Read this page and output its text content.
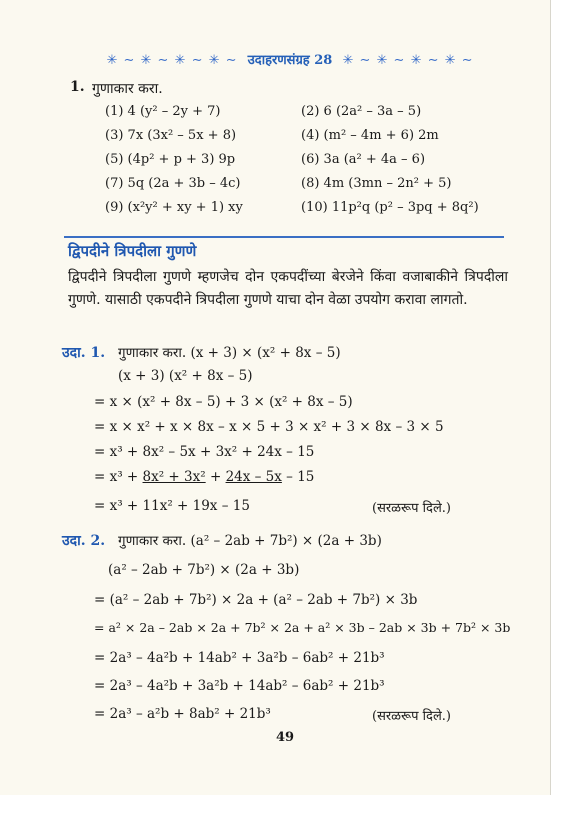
✳ ∼ ✳ ∼ ✳ ∼ ✳ ∼ उदाहरणसंग्रह 28 ✳ ∼ ✳ ∼ ✳ ∼ ✳ ∼
1. गुणाकार करा.
(1) 4 (y² – 2y + 7)	(2) 6 (2a² – 3a – 5)
(3) 7x (3x² – 5x + 8)	(4) (m² – 4m + 6) 2m
(5) (4p² + p + 3) 9p	(6) 3a (a² + 4a – 6)
(7) 5q (2a + 3b – 4c)	(8) 4m (3mn – 2n² + 5)
(9) (x²y² + xy + 1) xy	(10) 11p²q (p² – 3pq + 8q²)
द्विपदीने त्रिपदीला गुणणे
द्विपदीने त्रिपदीला गुणणे म्हणजेच दोन एकपदींच्या बेरजेने किंवा वजाबाकीने त्रिपदीला गुणणे. यासाठी एकपदीने त्रिपदीला गुणणे याचा दोन वेळा उपयोग करावा लागतो.
उदा. 1. गुणाकार करा. (x + 3) × (x² + 8x – 5)
(x + 3) (x² + 8x – 5)
= x × (x² + 8x – 5) + 3 × (x² + 8x – 5)
= x × x² + x × 8x – x × 5 + 3 × x² + 3 × 8x – 3 × 5
= x³ + 8x² – 5x + 3x² + 24x – 15
= x³ + 8x² + 3x² + 24x – 5x – 15
= x³ + 11x² + 19x – 15	(सरळरूप दिले.)
उदा. 2. गुणाकार करा. (a² – 2ab + 7b²) × (2a + 3b)
(a² – 2ab + 7b²) × (2a + 3b)
= (a² – 2ab + 7b²) × 2a + (a² – 2ab + 7b²) × 3b
= a² × 2a – 2ab × 2a + 7b² × 2a + a² × 3b – 2ab × 3b + 7b² × 3b
= 2a³ – 4a²b + 14ab² + 3a²b – 6ab² + 21b³
= 2a³ – 4a²b + 3a²b + 14ab² – 6ab² + 21b³
= 2a³ – a²b + 8ab² + 21b³	(सरळरूप दिले.)
49
